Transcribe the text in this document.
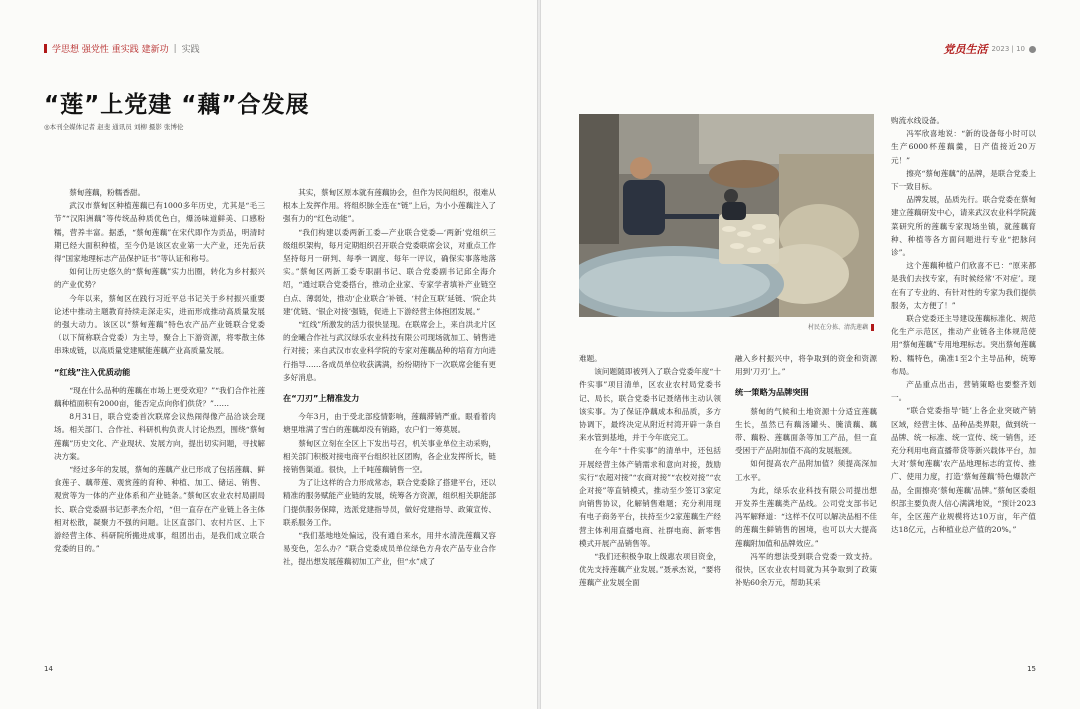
学思想 强党性 重实践 建新功 | 实践
“莲”上党建 “藕”合发展
◎本刊全媒体记者 赵斐 通讯员 刘柳 摄影 张博伦

蔡甸莲藕，粉糯香甜。

武汉市蔡甸区种植莲藕已有1000多年历史，尤其是“毛三节”“汉阳洲藕”等传统品种质优色白，爆汤味道鲜美、口感粉糯，营养丰富。据悉，“蔡甸莲藕”在宋代即作为贡品，明清时期已经大面积种植，至今仍是该区农业第一大产业，还先后获得“国家地理标志产品保护证书”等认证和称号。

如何让历史悠久的“蔡甸莲藕”实力出圈，转化为乡村振兴的产业优势？

今年以来，蔡甸区在践行习近平总书记关于乡村振兴重要论述中推动主题教育持续走深走实，进而形成推动高质量发展的强大动力。该区以“蔡甸莲藕”特色农产品产业链联合党委（以下简称联合党委）为主导，聚合上下游资源，将零散主体串珠成链，以高质量党建赋能莲藕产业高质量发展。

“红线”注入优质动能

“现在什么品种的莲藕在市场上更受欢迎？”“我们合作社莲藕种植面积有2000亩，能否定点向你们供货？”……

8月31日，联合党委首次联席会议热闹得像产品洽谈会现场。相关部门、合作社、科研机构负责人讨论热烈，围绕“蔡甸莲藕”历史文化、产业现状、发展方向，提出切实问题，寻找解决方案。

“经过多年的发展，蔡甸的莲藕产业已形成了包括莲藕、鲜食莲子、藕带莲、观赏莲的育种、种植、加工、储运、销售、观赏等为一体的产业体系和产业链条。”蔡甸区农业农村局副局长、联合党委副书记彭孝杰介绍，“但一直存在产业链上各主体相对松散，凝聚力不强的问题。让区直部门、农村片区、上下游经营主体、科研院所搬进成事，组团出击，是我们成立联合党委的目的。”

其实，蔡甸区原本就有莲藕协会，但作为民间组织，很难从根本上发挥作用。将组织脉全连在“链”上后，为小小莲藕注入了强有力的“红色动能”。

“我们构建以委两新工委—产业联合党委—‘两新’党组织三级组织架构，每月定期组织召开联合党委联席会议，对重点工作坚持每月一研判、每季一调度、每年一评议，确保实事落地落实。”蔡甸区两新工委专职副书记、联合党委副书记邱全海介绍，“通过联合党委搭台，推动企业家、专家学者填补产业链空白点、薄弱处，推动‘企业联合’补链、‘村企互联’延链、‘院企共建’优链、‘银企对接’强链，促进上下游经营主体抱团发展。”

“红线”所激发的活力很快显现。在联席会上，来自洪北片区的金曦合作社与武汉绿乐农业科技有限公司现场就加工、销售进行对接；来自武汉市农业科学院的专家对莲藕品种的培育方向进行指导……各成员单位收获满满，纷纷期待下一次联席会能有更多好消息。

在“刀刃”上精准发力

今年3月，由于受北部疫情影响，莲藕滞销严重。眼看着肉塘里堆满了雪白的莲藕却没有销路，农户们一筹莫展。

蔡甸区立刻在全区上下发出号召，机关事业单位主动采购，相关部门积极对接电商平台组织社区团购，各企业发挥所长，链接销售渠道。很快，上千吨莲藕销售一空。

为了让这样的合力形成常态，联合党委除了搭建平台，还以精准的服务赋能产业链的发展，统筹各方资源，组织相关职能部门提供服务保障，选派党建指导员，做好党建指导、政策宣传、联系服务工作。

“我们基地地处偏远，没有通自来水，用井水清洗莲藕又容易变色，怎么办？”联合党委成员单位绿色方舟农产品专业合作社，提出想发展莲藕初加工产业，但“水”成了

14
党员生活 2023 | 10
村民在分拣、清洗莲藕

难题。

该问题随即被列入了联合党委年度“十件实事”项目清单，区农业农村局党委书记、局长，联合党委书记聂绪伟主动认领该实事。为了保证净藕成本和品质，多方协调下，最终决定从附近村湾开辟一条自来水管到基地，并于今年底完工。

在今年“十件实事”的清单中，还包括开展经营主体产销需求和意向对接，鼓励实行“农超对接”“农商对接”“农校对接”“农企对接”等直销模式，推动至少签订3家定向销售协议，化解销售难题；充分利用现有电子商务平台，扶持至少2家莲藕生产经营主体利用直播电商、社群电商、新零售模式开展产品销售等。

“我们还积极争取上级惠农项目资金，优先支持莲藕产业发展。”聂承杰说，“要将莲藕产业发展全面

融入乡村振兴中，将争取到的资金和资源用到‘刀刃’上。”

统一策略为品牌突围

蔡甸的气候和土地资源十分适宜莲藕生长，虽然已有藕汤罐头、腌渍藕、藕带、藕粉、莲藕面条等加工产品，但一直受困于产品附加值不高的发展瓶颈。

如何提高农产品附加值？须提高深加工水平。

为此，绿乐农业科技有限公司提出想开发养生莲藕类产品线。公司党支部书记冯军解释道：“这样不仅可以解决品相不佳的莲藕生鲜销售的困境，也可以大大提高莲藕附加值和品牌效应。”

冯军的想法受到联合党委一致支持。很快，区农业农村局就为其争取到了政策补贴60余万元，帮助其采

购流水线设备。

冯军欣喜地说：“新的设备每小时可以生产6000杯莲藕羹，日产值接近20万元！”

擦亮“蔡甸莲藕”的品牌，是联合党委上下一致目标。

品牌发展，品质先行。联合党委在蔡甸建立莲藕研发中心，请来武汉农业科学院蔬菜研究所的莲藕专家现场坐镇，就莲藕育种、种植等各方面问题进行专业“把脉问诊”。

这个莲藕种植户们欣喜不已：“原来都是我们去找专家，有时候经常‘不对症’。现在有了专业的、有针对性的专家为我们提供服务，太方便了！”

联合党委还主导建设莲藕标准化、规范化生产示范区，推动产业链各主体规范使用“蔡甸莲藕”专用地理标志。突出蔡甸莲藕粉、糯特色，确准1至2个主导品种，统筹布局。

产品重点出击，营销策略也要整齐划一。

“联合党委指导‘链’上各企业突破产销区域，经营主体、品种品类界限，做到统一品牌、统一标准、统一宣传、统一销售，还充分利用电商直播带货等新兴载体平台，加大对‘蔡甸莲藕’农产品地理标志的宣传、推广、使用力度，打造‘蔡甸莲藕’特色爆款产品，全面擦亮‘蔡甸莲藕’品牌。”蔡甸区委组织部主要负责人信心满满地说，“预计2023年，全区莲产业规模将达10万亩，年产值达18亿元，占种植业总产值的20%。”

15
